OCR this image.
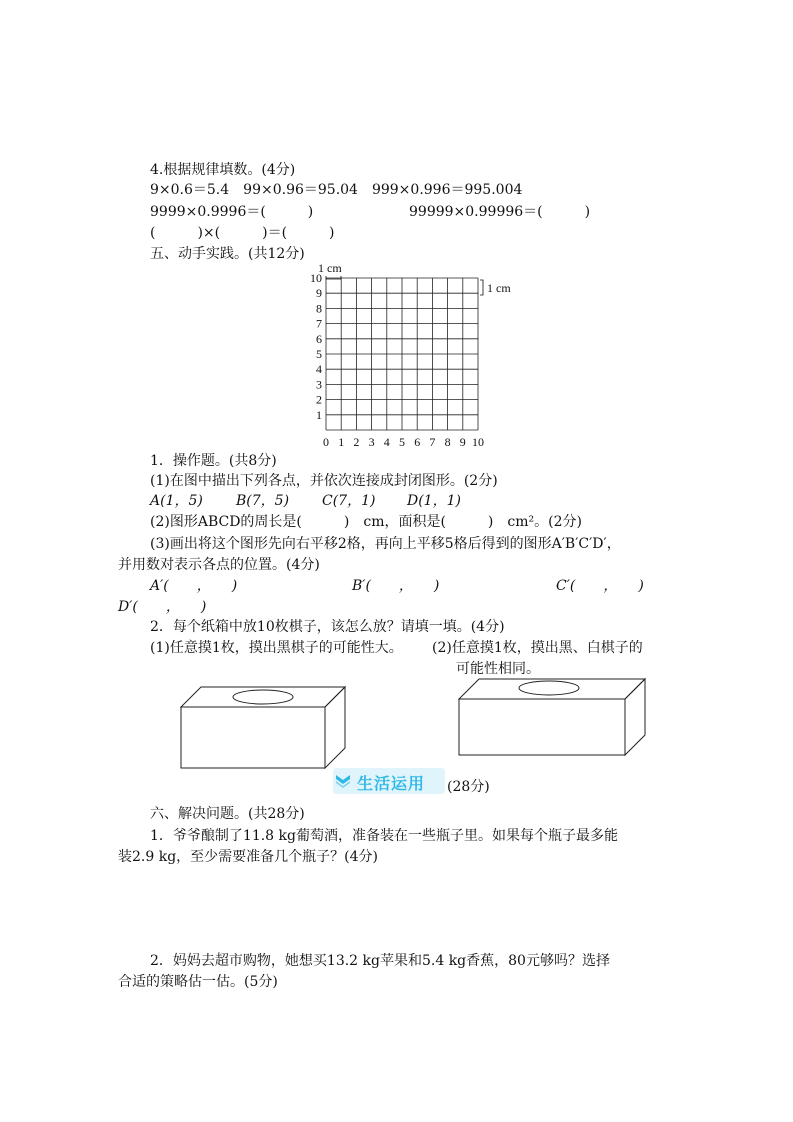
4.根据规律填数。(4分)
9×0.6＝5.4　99×0.96＝95.04　999×0.996＝995.004
9999×0.9996＝(　　　)	99999×0.99996＝(　　　)
(　　　)×(　　　)＝(　　　)
五、动手实践。(共12分)
0 1 2 3 4 5 6 7 8 9 10
1
2
3
4
5
6
7
8
9
10
1 cm
1 cm
1．操作题。(共8分)
(1)在图中描出下列各点，并依次连接成封闭图形。(2分)
A(1，5) B(7，5) C(7，1) D(1，1)
(2)图形ABCD的周长是(　　　)　cm，面积是(　　　)　cm²。(2分)
(3)画出将这个图形先向右平移2格，再向上平移5格后得到的图形A′B′C′D′，
并用数对表示各点的位置。(4分)
A′(　　，　　)	B′(　　，　　)	C′(　　，　　)
D′(　　，　　)
2．每个纸箱中放10枚棋子，该怎么放？请填一填。(4分)
(1)任意摸1枚，摸出黑棋子的可能性大。 (2)任意摸1枚，摸出黑、白棋子的
可能性相同。
生活运用 (28分)
六、解决问题。(共28分)
1．爷爷酿制了11.8 kg葡萄酒，准备装在一些瓶子里。如果每个瓶子最多能
装2.9 kg，至少需要准备几个瓶子？(4分)
2．妈妈去超市购物，她想买13.2 kg苹果和5.4 kg香蕉，80元够吗？选择
合适的策略估一估。(5分)
